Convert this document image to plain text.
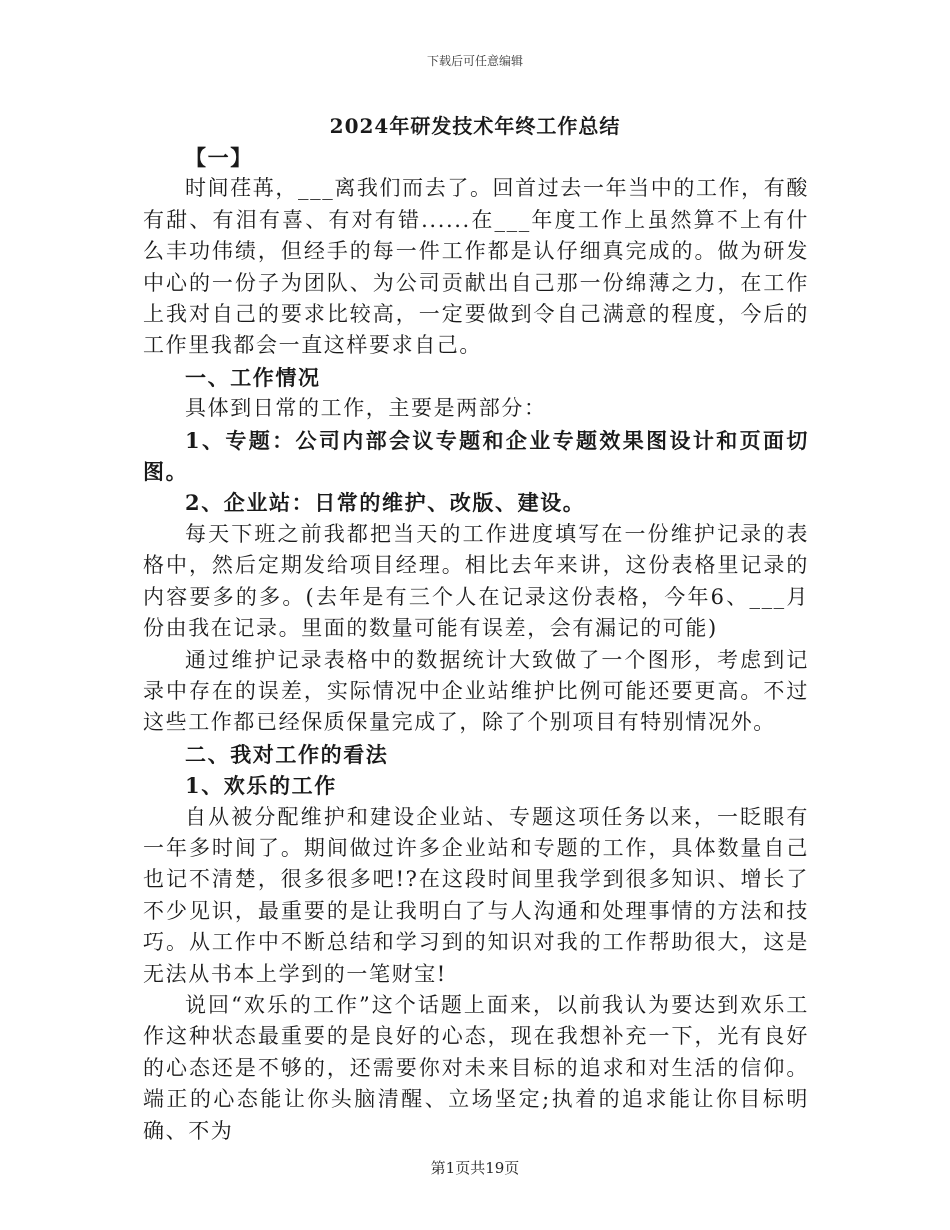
下载后可任意编辑
2024年研发技术年终工作总结

【一】

时间荏苒，___离我们而去了。回首过去一年当中的工作，有酸有甜、有泪有喜、有对有错......在___年度工作上虽然算不上有什么丰功伟绩，但经手的每一件工作都是认仔细真完成的。做为研发中心的一份子为团队、为公司贡献出自己那一份绵薄之力，在工作上我对自己的要求比较高，一定要做到令自己满意的程度，今后的工作里我都会一直这样要求自己。

一、工作情况

具体到日常的工作，主要是两部分：

1、专题：公司内部会议专题和企业专题效果图设计和页面切图。

2、企业站：日常的维护、改版、建设。

每天下班之前我都把当天的工作进度填写在一份维护记录的表格中，然后定期发给项目经理。相比去年来讲，这份表格里记录的内容要多的多。(去年是有三个人在记录这份表格，今年6、___月份由我在记录。里面的数量可能有误差，会有漏记的可能)

通过维护记录表格中的数据统计大致做了一个图形，考虑到记录中存在的误差，实际情况中企业站维护比例可能还要更高。不过这些工作都已经保质保量完成了，除了个别项目有特别情况外。

二、我对工作的看法

1、欢乐的工作

自从被分配维护和建设企业站、专题这项任务以来，一眨眼有一年多时间了。期间做过许多企业站和专题的工作，具体数量自己也记不清楚，很多很多吧!?在这段时间里我学到很多知识、增长了不少见识，最重要的是让我明白了与人沟通和处理事情的方法和技巧。从工作中不断总结和学习到的知识对我的工作帮助很大，这是无法从书本上学到的一笔财宝!

说回“欢乐的工作”这个话题上面来，以前我认为要达到欢乐工作这种状态最重要的是良好的心态，现在我想补充一下，光有良好的心态还是不够的，还需要你对未来目标的追求和对生活的信仰。端正的心态能让你头脑清醒、立场坚定;执着的追求能让你目标明确、不为

第1页共19页
